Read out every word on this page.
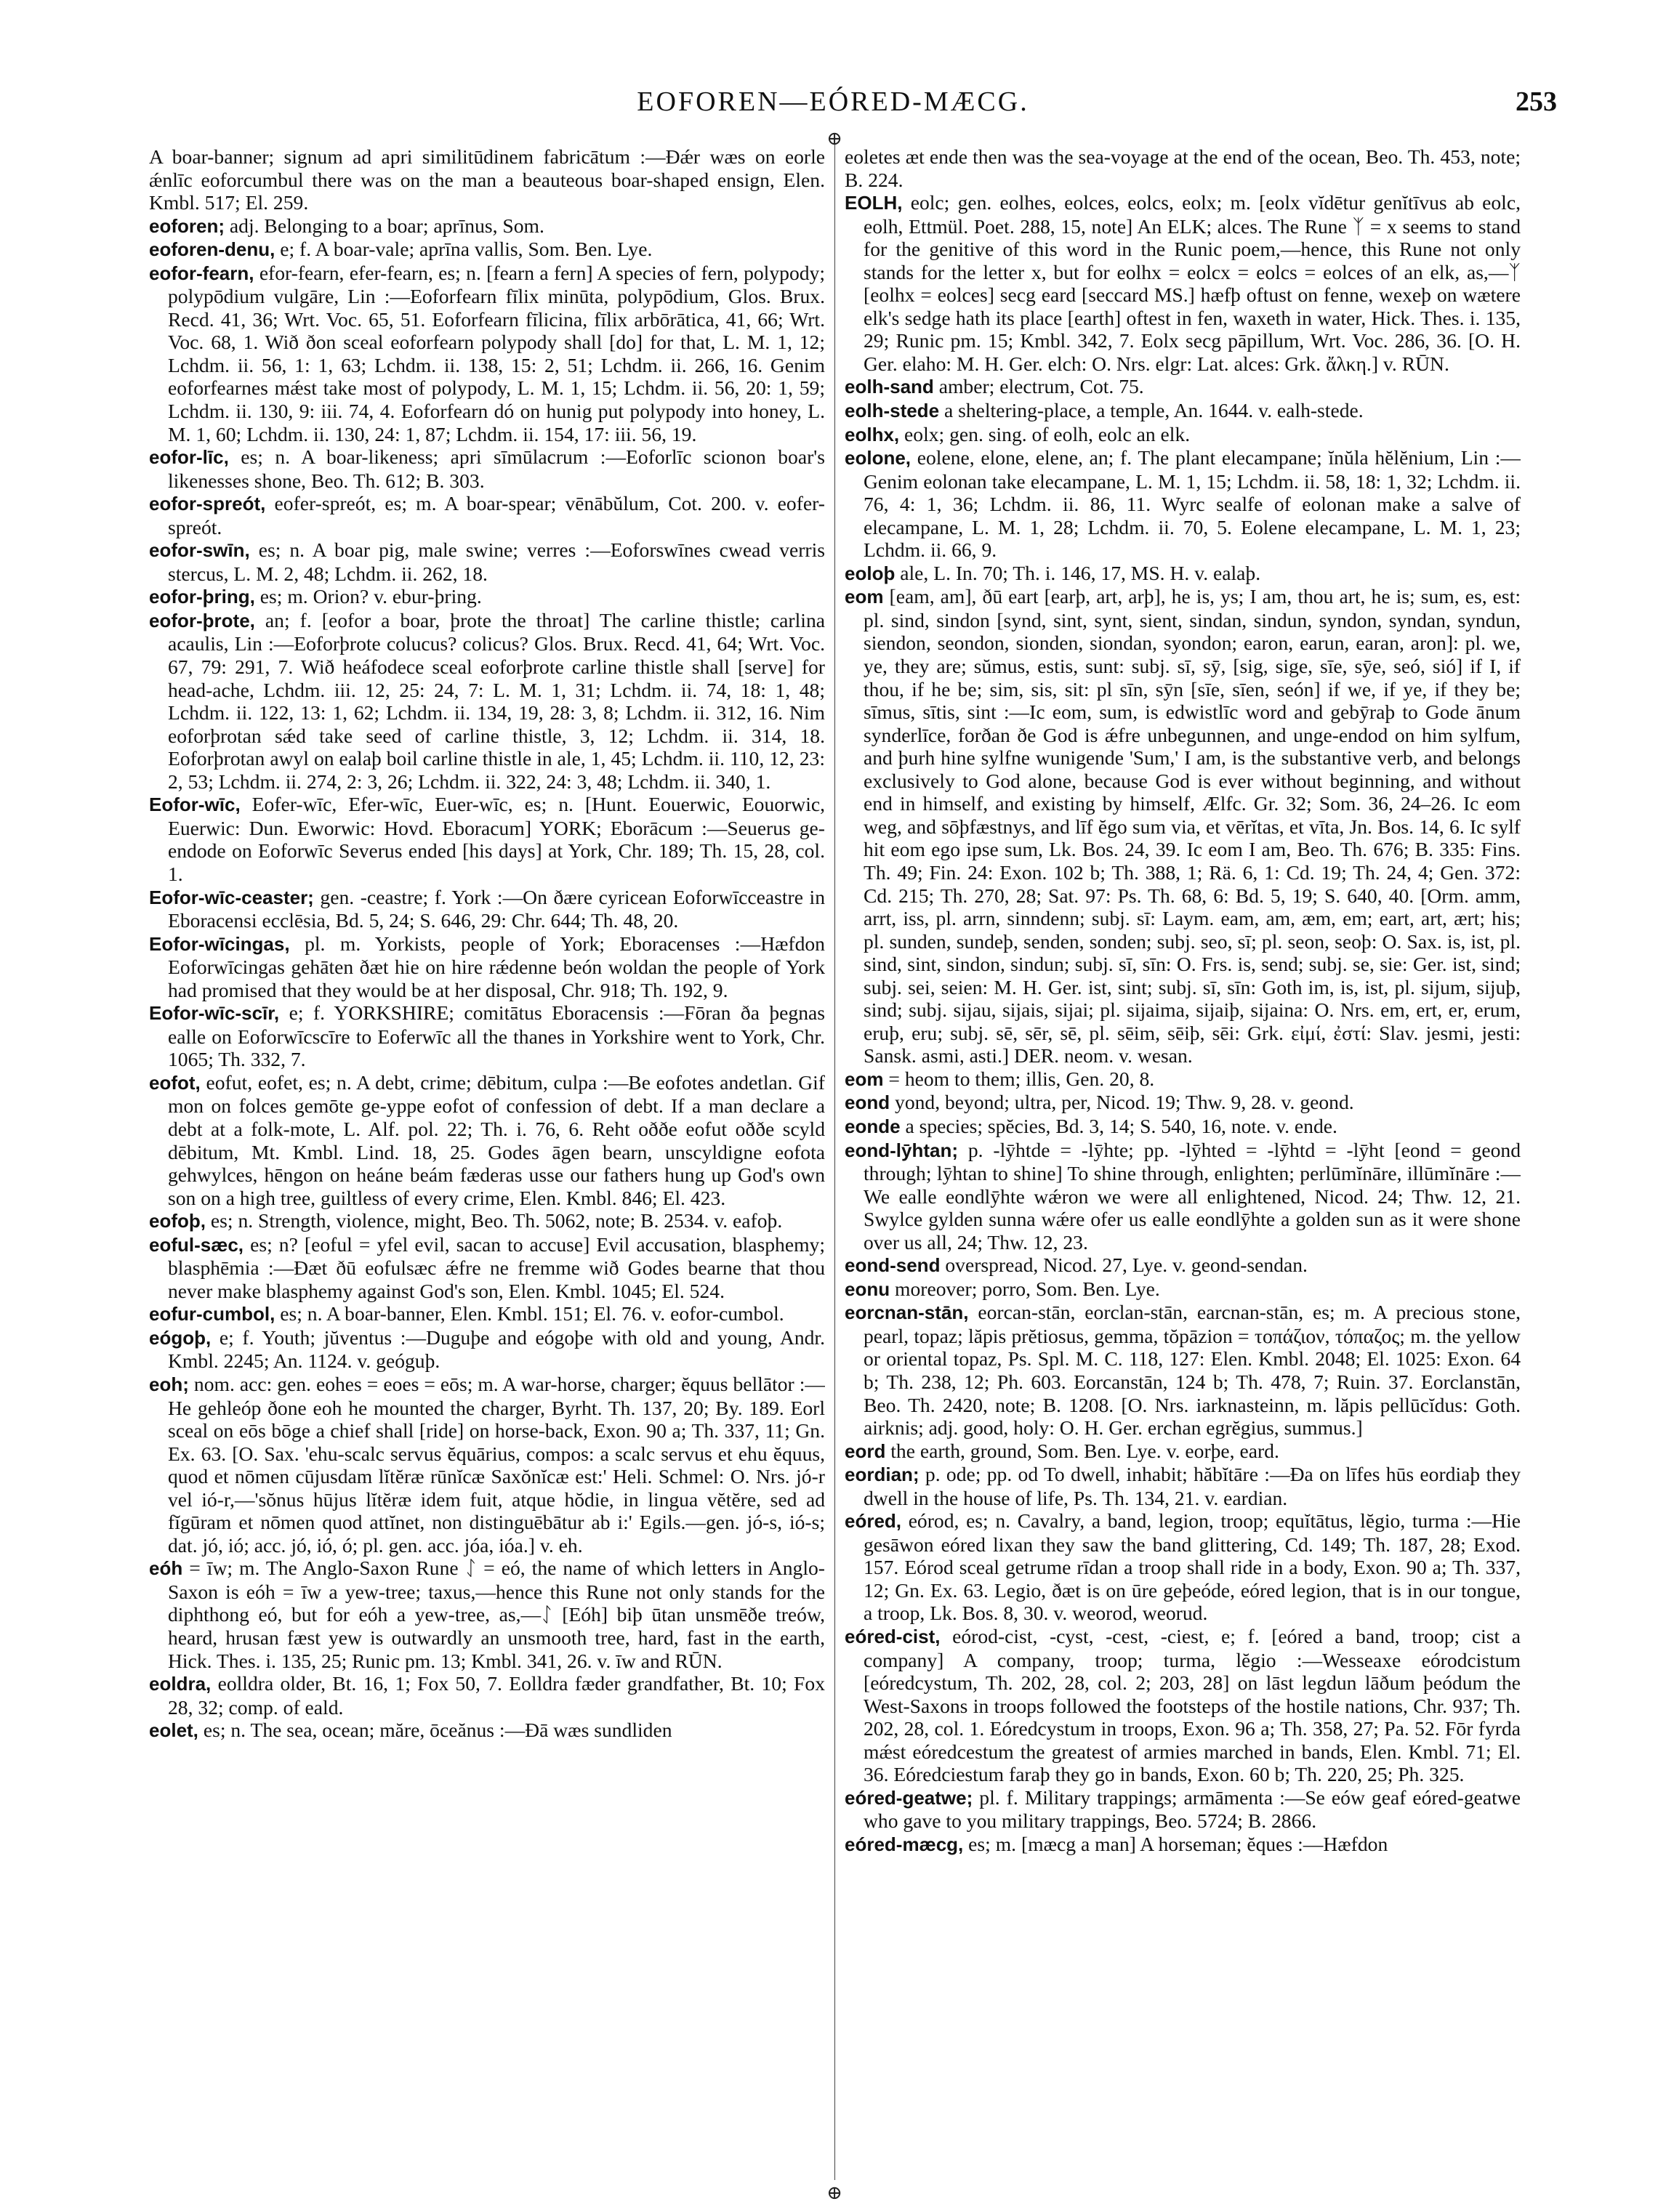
EOFOREN—EÓRED-MÆCG.	253
⊕
⊕

A boar-banner; signum ad apri similitūdinem fabricātum :—Ðǽr wæs on eorle ǽnlīc eoforcumbul there was on the man a beauteous boar-shaped ensign, Elen. Kmbl. 517; El. 259.

eoforen; adj. Belonging to a boar; aprīnus, Som.

eoforen-denu, e; f. A boar-vale; aprīna vallis, Som. Ben. Lye.

eofor-fearn, efor-fearn, efer-fearn, es; n. [fearn a fern] A species of fern, polypody; polypōdium vulgāre, Lin :—Eoforfearn fīlix minūta, polypōdium, Glos. Brux. Recd. 41, 36; Wrt. Voc. 65, 51. Eoforfearn fīlicina, fīlix arbōrātica, 41, 66; Wrt. Voc. 68, 1. Wið ðon sceal eoforfearn polypody shall [do] for that, L. M. 1, 12; Lchdm. ii. 56, 1: 1, 63; Lchdm. ii. 138, 15: 2, 51; Lchdm. ii. 266, 16. Genim eoforfearnes mǽst take most of polypody, L. M. 1, 15; Lchdm. ii. 56, 20: 1, 59; Lchdm. ii. 130, 9: iii. 74, 4. Eoforfearn dó on hunig put polypody into honey, L. M. 1, 60; Lchdm. ii. 130, 24: 1, 87; Lchdm. ii. 154, 17: iii. 56, 19.

eofor-līc, es; n. A boar-likeness; apri sīmūlacrum :—Eoforlīc scionon boar's likenesses shone, Beo. Th. 612; B. 303.

eofor-spreót, eofer-spreót, es; m. A boar-spear; vēnābŭlum, Cot. 200. v. eofer-spreót.

eofor-swīn, es; n. A boar pig, male swine; verres :—Eoforswīnes cwead verris stercus, L. M. 2, 48; Lchdm. ii. 262, 18.

eofor-þring, es; m. Orion? v. ebur-þring.

eofor-þrote, an; f. [eofor a boar, þrote the throat] The carline thistle; carlina acaulis, Lin :—Eoforþrote colucus? colicus? Glos. Brux. Recd. 41, 64; Wrt. Voc. 67, 79: 291, 7. Wið heáfodece sceal eoforþrote carline thistle shall [serve] for head-ache, Lchdm. iii. 12, 25: 24, 7: L. M. 1, 31; Lchdm. ii. 74, 18: 1, 48; Lchdm. ii. 122, 13: 1, 62; Lchdm. ii. 134, 19, 28: 3, 8; Lchdm. ii. 312, 16. Nim eoforþrotan sǽd take seed of carline thistle, 3, 12; Lchdm. ii. 314, 18. Eoforþrotan awyl on ealaþ boil carline thistle in ale, 1, 45; Lchdm. ii. 110, 12, 23: 2, 53; Lchdm. ii. 274, 2: 3, 26; Lchdm. ii. 322, 24: 3, 48; Lchdm. ii. 340, 1.

Eofor-wīc, Eofer-wīc, Efer-wīc, Euer-wīc, es; n. [Hunt. Eouerwic, Eouorwic, Euerwic: Dun. Eworwic: Hovd. Eboracum] YORK; Eborācum :—Seuerus ge-endode on Eoforwīc Severus ended [his days] at York, Chr. 189; Th. 15, 28, col. 1.

Eofor-wīc-ceaster; gen. -ceastre; f. York :—On ðære cyricean Eoforwīcceastre in Eboracensi ecclēsia, Bd. 5, 24; S. 646, 29: Chr. 644; Th. 48, 20.

Eofor-wīcingas, pl. m. Yorkists, people of York; Eboracenses :—Hæfdon Eoforwīcingas gehāten ðæt hie on hire rǽdenne beón woldan the people of York had promised that they would be at her disposal, Chr. 918; Th. 192, 9.

Eofor-wīc-scīr, e; f. YORKSHIRE; comitātus Eboracensis :—Fōran ða þegnas ealle on Eoforwīcscīre to Eoferwīc all the thanes in Yorkshire went to York, Chr. 1065; Th. 332, 7.

eofot, eofut, eofet, es; n. A debt, crime; dēbitum, culpa :—Be eofotes andetlan. Gif mon on folces gemōte ge-yppe eofot of confession of debt. If a man declare a debt at a folk-mote, L. Alf. pol. 22; Th. i. 76, 6. Reht oððe eofut oððe scyld dēbitum, Mt. Kmbl. Lind. 18, 25. Godes āgen bearn, unscyldigne eofota gehwylces, hēngon on heáne beám fæderas usse our fathers hung up God's own son on a high tree, guiltless of every crime, Elen. Kmbl. 846; El. 423.

eofoþ, es; n. Strength, violence, might, Beo. Th. 5062, note; B. 2534. v. eafoþ.

eoful-sæc, es; n? [eoful = yfel evil, sacan to accuse] Evil accusation, blasphemy; blasphēmia :—Ðæt ðū eofulsæc ǽfre ne fremme wið Godes bearne that thou never make blasphemy against God's son, Elen. Kmbl. 1045; El. 524.

eofur-cumbol, es; n. A boar-banner, Elen. Kmbl. 151; El. 76. v. eofor-cumbol.

eógoþ, e; f. Youth; jŭventus :—Duguþe and eógoþe with old and young, Andr. Kmbl. 2245; An. 1124. v. geóguþ.

eoh; nom. acc: gen. eohes = eoes = eōs; m. A war-horse, charger; ĕquus bellātor :—He gehleóp ðone eoh he mounted the charger, Byrht. Th. 137, 20; By. 189. Eorl sceal on eōs bōge a chief shall [ride] on horse-back, Exon. 90 a; Th. 337, 11; Gn. Ex. 63. [O. Sax. 'ehu-scalc servus ĕquārius, compos: a scalc servus et ehu ĕquus, quod et nōmen cūjusdam lĭtĕræ rūnĭcæ Saxŏnĭcæ est:' Heli. Schmel: O. Nrs. jó-r vel ió-r,—'sŏnus hūjus lĭtĕræ idem fuit, atque hŏdie, in lingua vĕtĕre, sed ad fĭgūram et nōmen quod attĭnet, non distinguēbātur ab i:' Egils.—gen. jó-s, ió-s; dat. jó, ió; acc. jó, ió, ó; pl. gen. acc. jóa, ióa.] v. eh.

eóh = īw; m. The Anglo-Saxon Rune ᛇ = eó, the name of which letters in Anglo-Saxon is eóh = īw a yew-tree; taxus,—hence this Rune not only stands for the diphthong eó, but for eóh a yew-tree, as,—ᛇ [Eóh] biþ ūtan unsmēðe treów, heard, hrusan fæst yew is outwardly an unsmooth tree, hard, fast in the earth, Hick. Thes. i. 135, 25; Runic pm. 13; Kmbl. 341, 26. v. īw and RŪN.

eoldra, eolldra older, Bt. 16, 1; Fox 50, 7. Eolldra fæder grandfather, Bt. 10; Fox 28, 32; comp. of eald.

eolet, es; n. The sea, ocean; măre, ōceănus :—Ðā wæs sundliden

eoletes æt ende then was the sea-voyage at the end of the ocean, Beo. Th. 453, note; B. 224.

EOLH, eolc; gen. eolhes, eolces, eolcs, eolx; m. [eolx vĭdētur genĭtīvus ab eolc, eolh, Ettmül. Poet. 288, 15, note] An ELK; alces. The Rune ᛉ = x seems to stand for the genitive of this word in the Runic poem,—hence, this Rune not only stands for the letter x, but for eolhx = eolcx = eolcs = eolces of an elk, as,—ᛉ [eolhx = eolces] secg eard [seccard MS.] hæfþ oftust on fenne, wexeþ on wætere elk's sedge hath its place [earth] oftest in fen, waxeth in water, Hick. Thes. i. 135, 29; Runic pm. 15; Kmbl. 342, 7. Eolx secg pāpillum, Wrt. Voc. 286, 36. [O. H. Ger. elaho: M. H. Ger. elch: O. Nrs. elgr: Lat. alces: Grk. ἄλκη.] v. RŪN.

eolh-sand amber; electrum, Cot. 75.

eolh-stede a sheltering-place, a temple, An. 1644. v. ealh-stede.

eolhx, eolx; gen. sing. of eolh, eolc an elk.

eolone, eolene, elone, elene, an; f. The plant elecampane; ĭnŭla hĕlĕnium, Lin :—Genim eolonan take elecampane, L. M. 1, 15; Lchdm. ii. 58, 18: 1, 32; Lchdm. ii. 76, 4: 1, 36; Lchdm. ii. 86, 11. Wyrc sealfe of eolonan make a salve of elecampane, L. M. 1, 28; Lchdm. ii. 70, 5. Eolene elecampane, L. M. 1, 23; Lchdm. ii. 66, 9.

eoloþ ale, L. In. 70; Th. i. 146, 17, MS. H. v. ealaþ.

eom [eam, am], ðū eart [earþ, art, arþ], he is, ys; I am, thou art, he is; sum, es, est: pl. sind, sindon [synd, sint, synt, sient, sindan, sindun, syndon, syndan, syndun, siendon, seondon, sionden, siondan, syondon; earon, earun, earan, aron]: pl. we, ye, they are; sŭmus, estis, sunt: subj. sī, sȳ, [sig, sige, sīe, sȳe, seó, sió] if I, if thou, if he be; sim, sis, sit: pl sīn, sȳn [sīe, sīen, seón] if we, if ye, if they be; sīmus, sītis, sint :—Ic eom, sum, is edwistlīc word and gebȳraþ to Gode ānum synderlīce, forðan ðe God is ǽfre unbegunnen, and unge-endod on him sylfum, and þurh hine sylfne wunigende 'Sum,' I am, is the substantive verb, and belongs exclusively to God alone, because God is ever without beginning, and without end in himself, and existing by himself, Ælfc. Gr. 32; Som. 36, 24–26. Ic eom weg, and sōþfæstnys, and līf ĕgo sum via, et vērĭtas, et vīta, Jn. Bos. 14, 6. Ic sylf hit eom ego ipse sum, Lk. Bos. 24, 39. Ic eom I am, Beo. Th. 676; B. 335: Fins. Th. 49; Fin. 24: Exon. 102 b; Th. 388, 1; Rä. 6, 1: Cd. 19; Th. 24, 4; Gen. 372: Cd. 215; Th. 270, 28; Sat. 97: Ps. Th. 68, 6: Bd. 5, 19; S. 640, 40. [Orm. amm, arrt, iss, pl. arrn, sinndenn; subj. sī: Laym. eam, am, æm, em; eart, art, ært; his; pl. sunden, sundeþ, senden, sonden; subj. seo, sī; pl. seon, seoþ: O. Sax. is, ist, pl. sind, sint, sindon, sindun; subj. sī, sīn: O. Frs. is, send; subj. se, sie: Ger. ist, sind; subj. sei, seien: M. H. Ger. ist, sint; subj. sī, sīn: Goth im, is, ist, pl. sijum, sijuþ, sind; subj. sijau, sijais, sijai; pl. sijaima, sijaiþ, sijaina: O. Nrs. em, ert, er, erum, eruþ, eru; subj. sē, sēr, sē, pl. sēim, sēiþ, sēi: Grk. εἰμί, ἐστί: Slav. jesmi, jesti: Sansk. asmi, asti.] DER. neom. v. wesan.

eom = heom to them; illis, Gen. 20, 8.

eond yond, beyond; ultra, per, Nicod. 19; Thw. 9, 28. v. geond.

eonde a species; spĕcies, Bd. 3, 14; S. 540, 16, note. v. ende.

eond-lȳhtan; p. -lȳhtde = -lȳhte; pp. -lȳhted = -lȳhtd = -lȳht [eond = geond through; lȳhtan to shine] To shine through, enlighten; perlūmĭnāre, illūmĭnāre :—We ealle eondlȳhte wǽron we were all enlightened, Nicod. 24; Thw. 12, 21. Swylce gylden sunna wǽre ofer us ealle eondlȳhte a golden sun as it were shone over us all, 24; Thw. 12, 23.

eond-send overspread, Nicod. 27, Lye. v. geond-sendan.

eonu moreover; porro, Som. Ben. Lye.

eorcnan-stān, eorcan-stān, eorclan-stān, earcnan-stān, es; m. A precious stone, pearl, topaz; lăpis prĕtiosus, gemma, tŏpāzion = τοπάζιον, τόπαζος; m. the yellow or oriental topaz, Ps. Spl. M. C. 118, 127: Elen. Kmbl. 2048; El. 1025: Exon. 64 b; Th. 238, 12; Ph. 603. Eorcanstān, 124 b; Th. 478, 7; Ruin. 37. Eorclanstān, Beo. Th. 2420, note; B. 1208. [O. Nrs. iarknasteinn, m. lăpis pellūcĭdus: Goth. airknis; adj. good, holy: O. H. Ger. erchan egrĕgius, summus.]

eord the earth, ground, Som. Ben. Lye. v. eorþe, eard.

eordian; p. ode; pp. od To dwell, inhabit; hăbĭtāre :—Ða on līfes hūs eordiaþ they dwell in the house of life, Ps. Th. 134, 21. v. eardian.

eóred, eórod, es; n. Cavalry, a band, legion, troop; equĭtātus, lĕgio, turma :—Hie gesāwon eóred lixan they saw the band glittering, Cd. 149; Th. 187, 28; Exod. 157. Eórod sceal getrume rīdan a troop shall ride in a body, Exon. 90 a; Th. 337, 12; Gn. Ex. 63. Legio, ðæt is on ūre geþeóde, eóred legion, that is in our tongue, a troop, Lk. Bos. 8, 30. v. weorod, weorud.

eóred-cist, eórod-cist, -cyst, -cest, -ciest, e; f. [eóred a band, troop; cist a company] A company, troop; turma, lĕgio :—Wesseaxe eórodcistum [eóredcystum, Th. 202, 28, col. 2; 203, 28] on lāst legdun lāðum þeódum the West-Saxons in troops followed the footsteps of the hostile nations, Chr. 937; Th. 202, 28, col. 1. Eóredcystum in troops, Exon. 96 a; Th. 358, 27; Pa. 52. Fōr fyrda mǽst eóredcestum the greatest of armies marched in bands, Elen. Kmbl. 71; El. 36. Eóredciestum faraþ they go in bands, Exon. 60 b; Th. 220, 25; Ph. 325.

eóred-geatwe; pl. f. Military trappings; armāmenta :—Se eów geaf eóred-geatwe who gave to you military trappings, Beo. 5724; B. 2866.

eóred-mæcg, es; m. [mæcg a man] A horseman; ĕques :—Hæfdon
